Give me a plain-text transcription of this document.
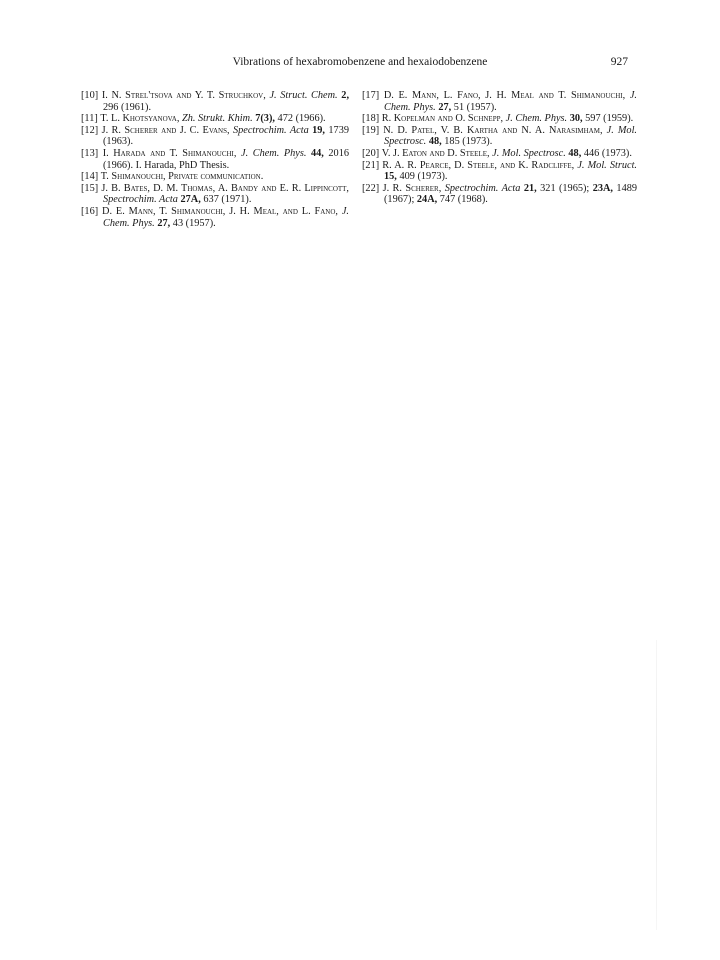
Vibrations of hexabromobenzene and hexaiodobenzene	927

[10] I. N. Strel'tsova and Y. T. Struchkov, J. Struct. Chem. 2, 296 (1961).

[11] T. L. Khotsyanova, Zh. Strukt. Khim. 7(3), 472 (1966).

[12] J. R. Scherer and J. C. Evans, Spectrochim. Acta 19, 1739 (1963).

[13] I. Harada and T. Shimanouchi, J. Chem. Phys. 44, 2016 (1966). I. Harada, PhD Thesis.

[14] T. Shimanouchi, Private communication.

[15] J. B. Bates, D. M. Thomas, A. Bandy and E. R. Lippincott, Spectrochim. Acta 27A, 637 (1971).

[16] D. E. Mann, T. Shimanouchi, J. H. Meal, and L. Fano, J. Chem. Phys. 27, 43 (1957).

[17] D. E. Mann, L. Fano, J. H. Meal and T. Shimanouchi, J. Chem. Phys. 27, 51 (1957).

[18] R. Kopelman and O. Schnepp, J. Chem. Phys. 30, 597 (1959).

[19] N. D. Patel, V. B. Kartha and N. A. Narasimham, J. Mol. Spectrosc. 48, 185 (1973).

[20] V. J. Eaton and D. Steele, J. Mol. Spectrosc. 48, 446 (1973).

[21] R. A. R. Pearce, D. Steele, and K. Radcliffe, J. Mol. Struct. 15, 409 (1973).

[22] J. R. Scherer, Spectrochim. Acta 21, 321 (1965); 23A, 1489 (1967); 24A, 747 (1968).
